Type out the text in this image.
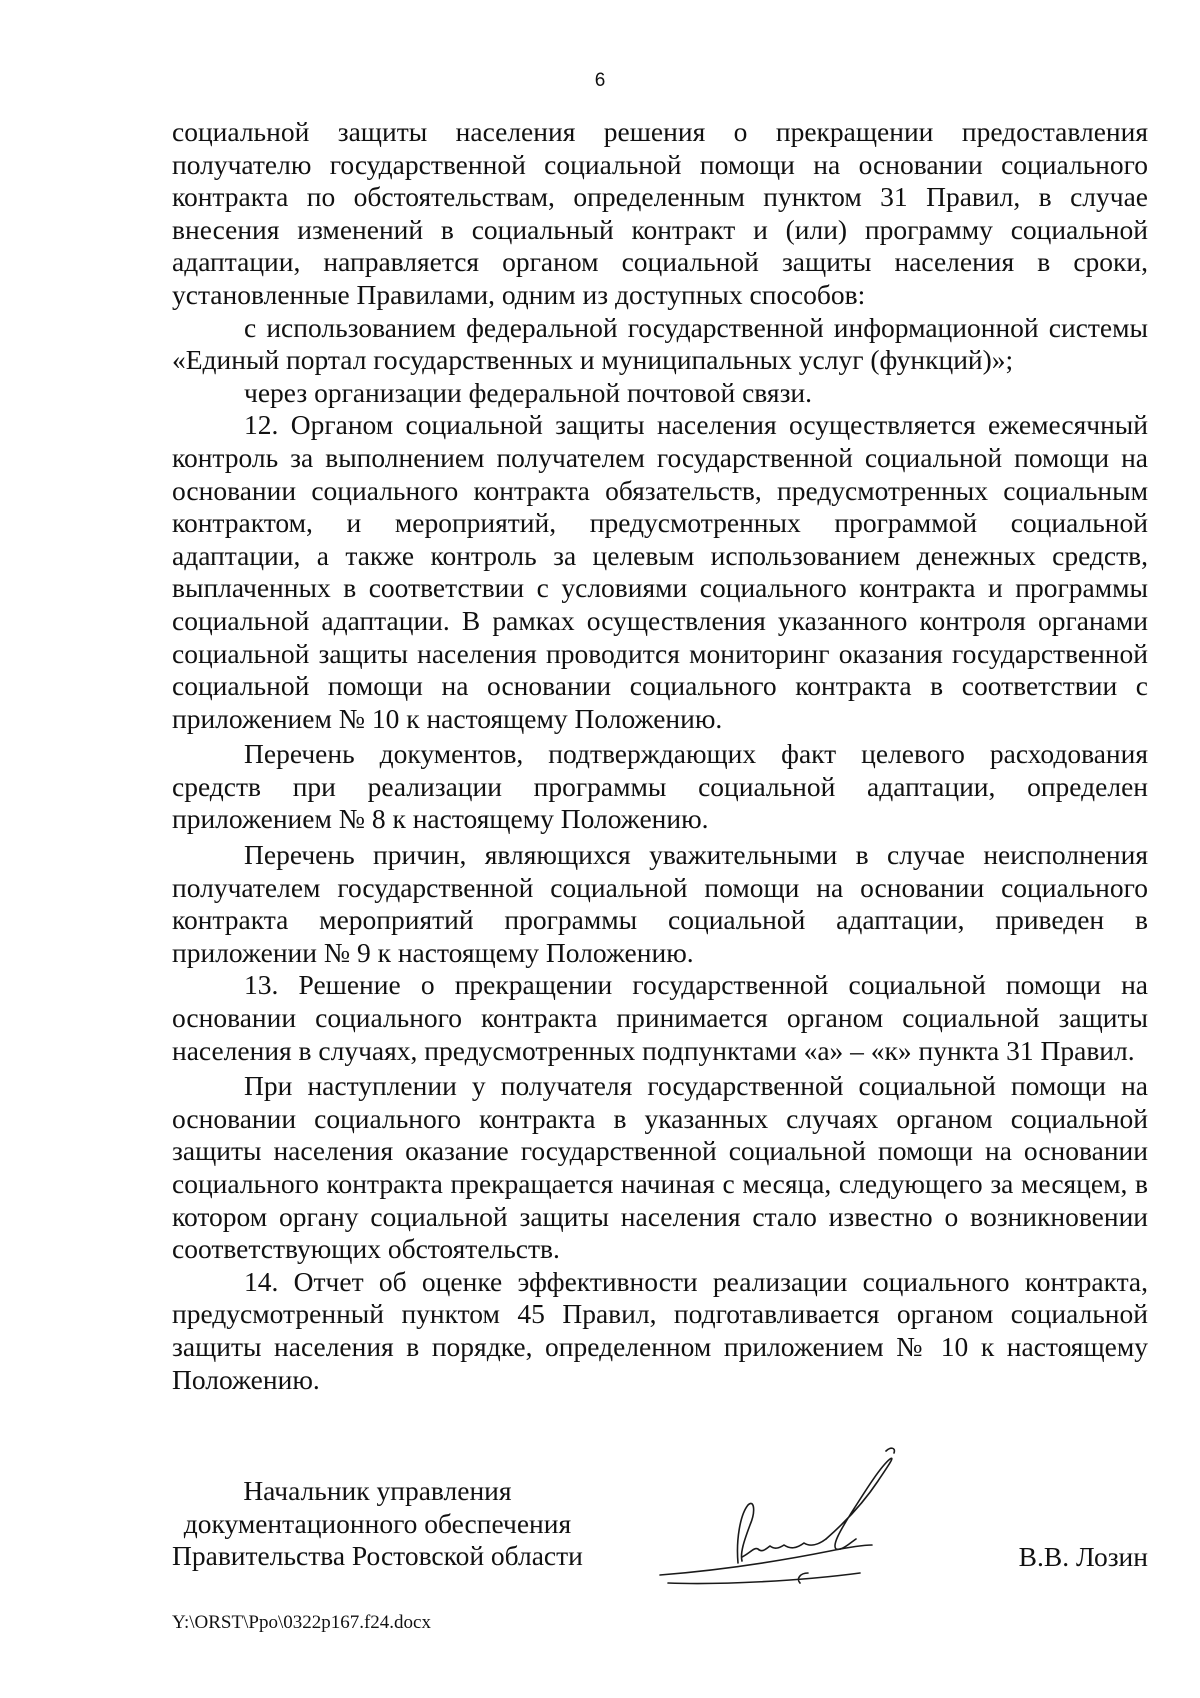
6

социальной защиты населения решения о прекращении предоставления получателю государственной социальной помощи на основании социального контракта по обстоятельствам, определенным пунктом 31 Правил, в случае внесения изменений в социальный контракт и (или) программу социальной адаптации, направляется органом социальной защиты населения в сроки, установленные Правилами, одним из доступных способов:

с использованием федеральной государственной информационной системы «Единый портал государственных и муниципальных услуг (функций)»;

через организации федеральной почтовой связи.

12. Органом социальной защиты населения осуществляется ежемесячный контроль за выполнением получателем государственной социальной помощи на основании социального контракта обязательств, предусмотренных социальным контрактом, и мероприятий, предусмотренных программой социальной адаптации, а также контроль за целевым использованием денежных средств, выплаченных в соответствии с условиями социального контракта и программы социальной адаптации. В рамках осуществления указанного контроля органами социальной защиты населения проводится мониторинг оказания государственной социальной помощи на основании социального контракта в соответствии с приложением № 10 к настоящему Положению.

Перечень документов, подтверждающих факт целевого расходования средств при реализации программы социальной адаптации, определен приложением № 8 к настоящему Положению.

Перечень причин, являющихся уважительными в случае неисполнения получателем государственной социальной помощи на основании социального контракта мероприятий программы социальной адаптации, приведен в приложении № 9 к настоящему Положению.

13. Решение о прекращении государственной социальной помощи на основании социального контракта принимается органом социальной защиты населения в случаях, предусмотренных подпунктами «а» – «к» пункта 31 Правил.

При наступлении у получателя государственной социальной помощи на основании социального контракта в указанных случаях органом социальной защиты населения оказание государственной социальной помощи на основании социального контракта прекращается начиная с месяца, следующего за месяцем, в котором органу социальной защиты населения стало известно о возникновении соответствующих обстоятельств.

14. Отчет об оценке эффективности реализации социального контракта, предусмотренный пунктом 45 Правил, подготавливается органом социальной защиты населения в порядке, определенном приложением № 10 к настоящему Положению.

Начальник управления
документационного обеспечения
Правительства Ростовской области	В.В. Лозин
Y:\ORST\Ppo\0322p167.f24.docx
